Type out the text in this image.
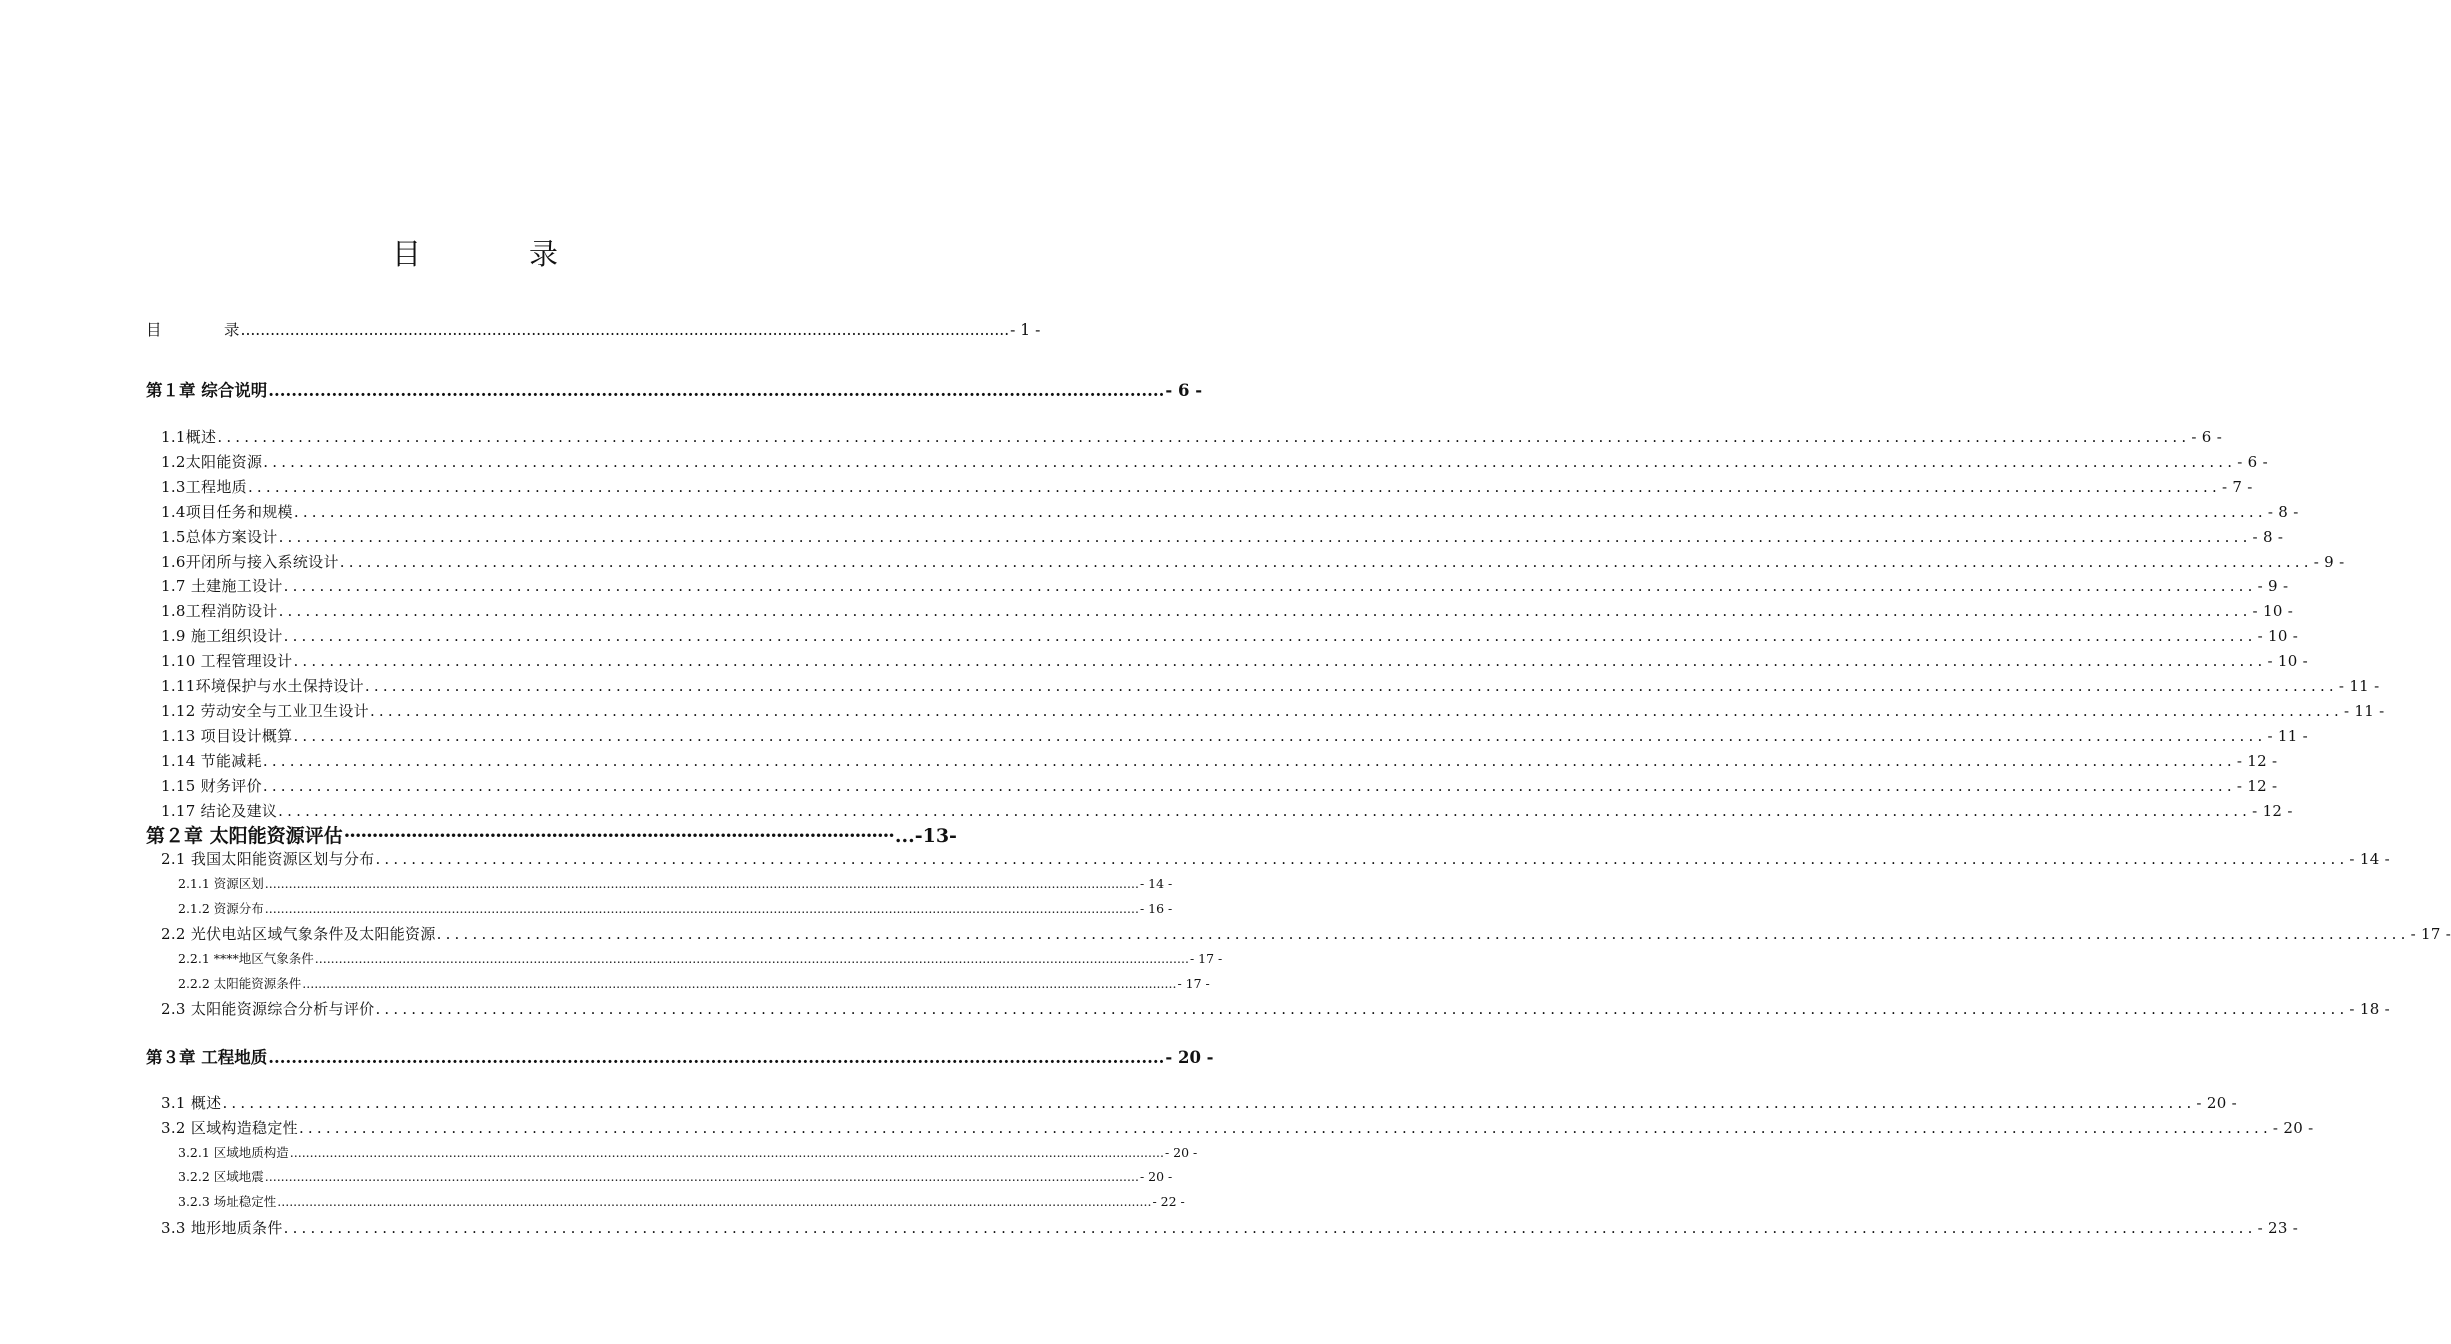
目	录
目	录 ............................................................................................................................................................ - 1 -
第１章 综合说明 ............................................................................................................................................................ - 6 -
1.1概述 ............................................................................................................................................................................................................................ - 6 -
1.2太阳能资源 ............................................................................................................................................................................................................................ - 6 -
1.3工程地质 ............................................................................................................................................................................................................................ - 7 -
1.4项目任务和规模 ............................................................................................................................................................................................................................ - 8 -
1.5总体方案设计 ............................................................................................................................................................................................................................ - 8 -
1.6开闭所与接入系统设计 ............................................................................................................................................................................................................................ - 9 -
1.7 土建施工设计 ............................................................................................................................................................................................................................ - 9 -
1.8工程消防设计 ............................................................................................................................................................................................................................ - 10 -
1.9 施工组织设计 ............................................................................................................................................................................................................................ - 10 -
1.10 工程管理设计 ............................................................................................................................................................................................................................ - 10 -
1.11环境保护与水土保持设计 ............................................................................................................................................................................................................................ - 11 -
1.12 劳动安全与工业卫生设计 ............................................................................................................................................................................................................................ - 11 -
1.13 项目设计概算 ............................................................................................................................................................................................................................ - 11 -
1.14 节能减耗 ............................................................................................................................................................................................................................ - 12 -
1.15 财务评价 ............................................................................................................................................................................................................................ - 12 -
1.17 结论及建议 ............................................................................................................................................................................................................................ - 12 -
第２章 太阳能资源评估 ·································································································· ...-13-
2.1 我国太阳能资源区划与分布 ............................................................................................................................................................................................................................ - 14 -
2.1.1 资源区划 ............................................................................................................................................................................................................................ - 14 -
2.1.2 资源分布 ............................................................................................................................................................................................................................ - 16 -
2.2 光伏电站区域气象条件及太阳能资源 ............................................................................................................................................................................................................................ - 17 -
2.2.1 ****地区气象条件 ............................................................................................................................................................................................................................ - 17 -
2.2.2 太阳能资源条件 ............................................................................................................................................................................................................................ - 17 -
2.3 太阳能资源综合分析与评价 ............................................................................................................................................................................................................................ - 18 -
第３章 工程地质 ............................................................................................................................................................ - 20 -
3.1 概述 ............................................................................................................................................................................................................................ - 20 -
3.2 区域构造稳定性 ............................................................................................................................................................................................................................ - 20 -
3.2.1 区域地质构造 ............................................................................................................................................................................................................................ - 20 -
3.2.2 区域地震 ............................................................................................................................................................................................................................ - 20 -
3.2.3 场址稳定性 ............................................................................................................................................................................................................................ - 22 -
3.3 地形地质条件 ............................................................................................................................................................................................................................ - 23 -
